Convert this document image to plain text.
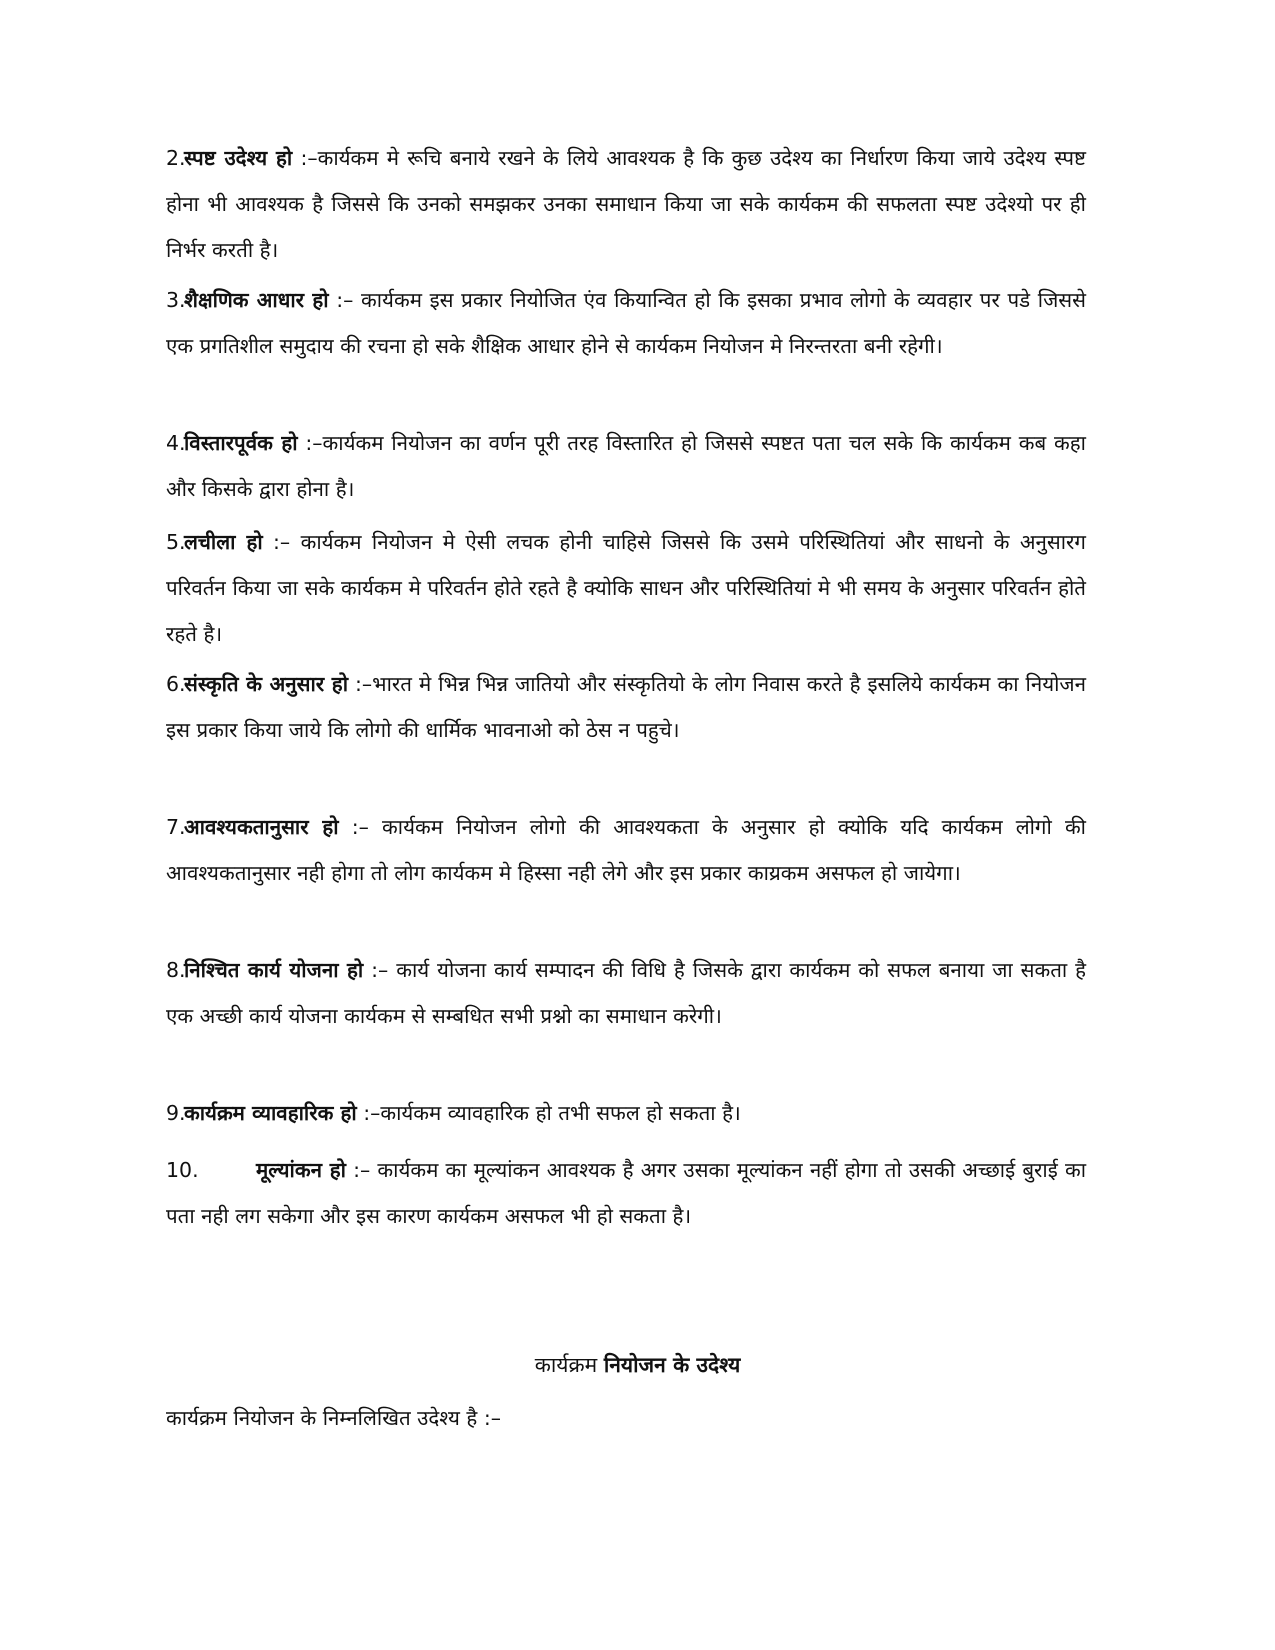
2.स्पष्ट उदेश्य हो :–कार्यकम मे रूचि बनाये रखने के लिये आवश्यक है कि कुछ उदेश्य का निर्धारण किया जाये उदेश्य स्पष्ट होना भी आवश्यक है जिससे कि उनको समझकर उनका समाधान किया जा सके कार्यकम की सफलता स्पष्ट उदेश्यो पर ही निर्भर करती है।
3.शैक्षणिक आधार हो :– कार्यकम इस प्रकार नियोजित एंव कियान्वित हो कि इसका प्रभाव लोगो के व्यवहार पर पडे जिससे एक प्रगतिशील समुदाय की रचना हो सके शैक्षिक आधार होने से कार्यकम नियोजन मे निरन्तरता बनी रहेगी।
4.विस्तारपूर्वक हो :–कार्यकम नियोजन का वर्णन पूरी तरह विस्तारित हो जिससे स्पष्टत पता चल सके कि कार्यकम कब कहा और किसके द्वारा होना है।
5.लचीला हो :– कार्यकम नियोजन मे ऐसी लचक होनी चाहिसे जिससे कि उसमे परिस्थितियां और साधनो के अनुसारग परिवर्तन किया जा सके कार्यकम मे परिवर्तन होते रहते है क्योकि साधन और परिस्थितियां मे भी समय के अनुसार परिवर्तन होते रहते है।
6.संस्कृति के अनुसार हो :–भारत मे भिन्न भिन्न जातियो और संस्कृतियो के लोग निवास करते है इसलिये कार्यकम का नियोजन इस प्रकार किया जाये कि लोगो की धार्मिक भावनाओ को ठेस न पहुचे।
7.आवश्यकतानुसार हो :– कार्यकम नियोजन लोगो की आवश्यकता के अनुसार हो क्योकि यदि कार्यकम लोगो की आवश्यकतानुसार नही होगा तो लोग कार्यकम मे हिस्सा नही लेगे और इस प्रकार काय्रकम असफल हो जायेगा।
8.निश्चित कार्य योजना हो :– कार्य योजना कार्य सम्पादन की विधि है जिसके द्वारा कार्यकम को सफल बनाया जा सकता है एक अच्छी कार्य योजना कार्यकम से सम्बधित सभी प्रश्नो का समाधान करेगी।
9.कार्यक्रम व्यावहारिक हो :–कार्यकम व्यावहारिक हो तभी सफल हो सकता है।
10.	मूल्यांकन हो :– कार्यकम का मूल्यांकन आवश्यक है अगर उसका मूल्यांकन नहीं होगा तो उसकी अच्छाई बुराई का पता नही लग सकेगा और इस कारण कार्यकम असफल भी हो सकता है।
कार्यक्रम नियोजन के उदेश्य
कार्यक्रम नियोजन के निम्नलिखित उदेश्य है :–
